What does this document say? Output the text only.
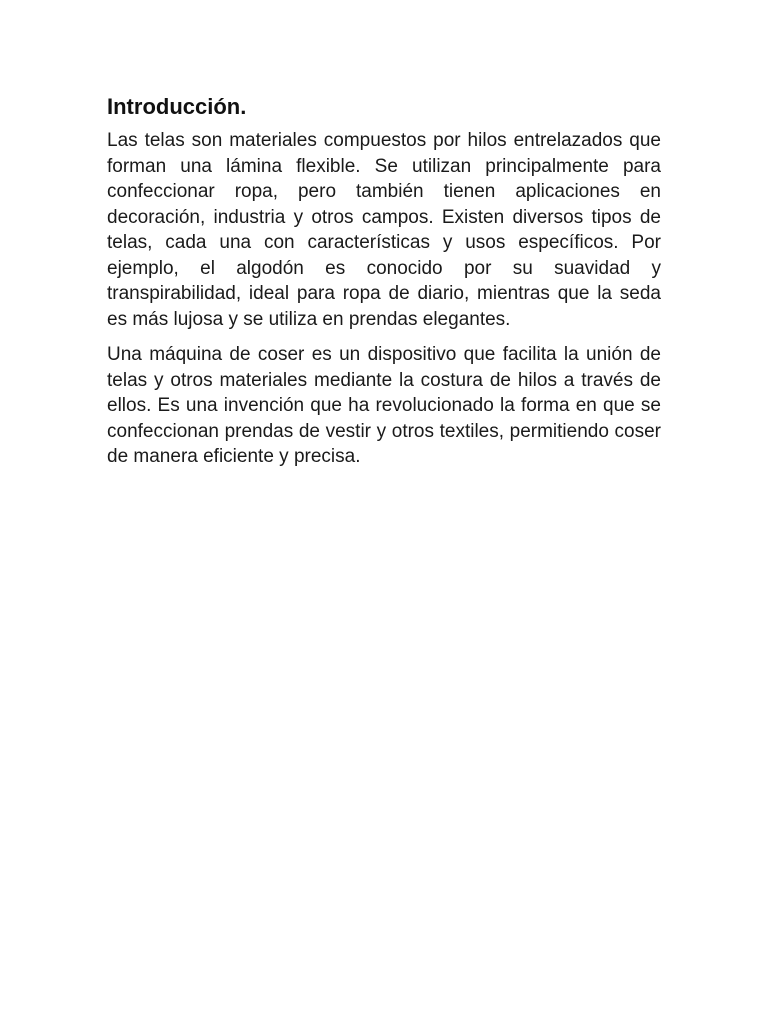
Introducción.

Las telas son materiales compuestos por hilos entrelazados que forman una lámina flexible. Se utilizan principalmente para confeccionar ropa, pero también tienen aplicaciones en decoración, industria y otros campos. Existen diversos tipos de telas, cada una con características y usos específicos. Por ejemplo, el algodón es conocido por su suavidad y transpirabilidad, ideal para ropa de diario, mientras que la seda es más lujosa y se utiliza en prendas elegantes.

Una máquina de coser es un dispositivo que facilita la unión de telas y otros materiales mediante la costura de hilos a través de ellos. Es una invención que ha revolucionado la forma en que se confeccionan prendas de vestir y otros textiles, permitiendo coser de manera eficiente y precisa.
